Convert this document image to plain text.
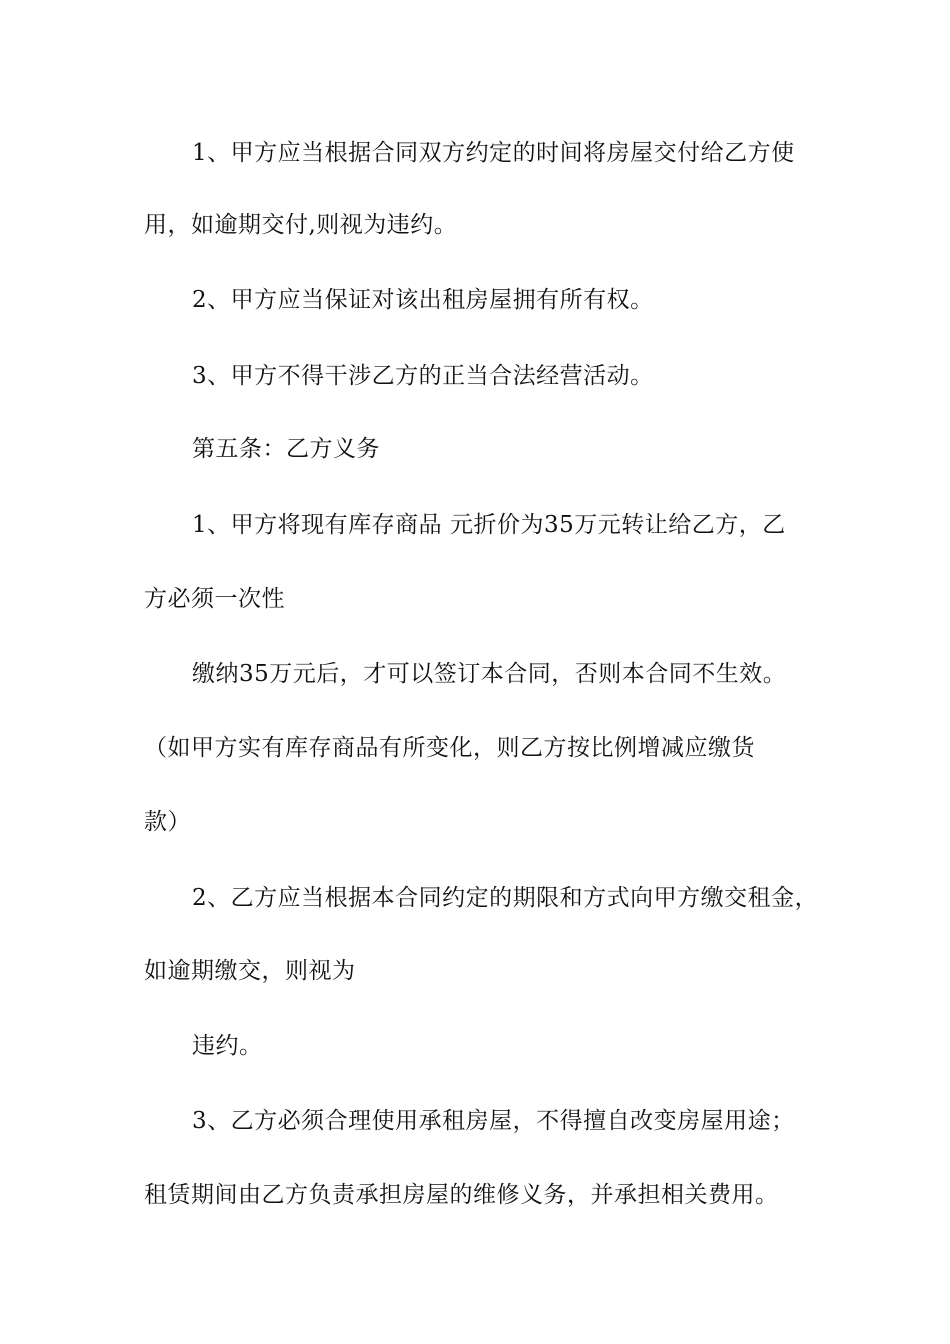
1、甲方应当根据合同双方约定的时间将房屋交付给乙方使
用，如逾期交付,则视为违约。
2、甲方应当保证对该出租房屋拥有所有权。
3、甲方不得干涉乙方的正当合法经营活动。
第五条：乙方义务
1、甲方将现有库存商品 元折价为35万元转让给乙方，乙
方必须一次性
缴纳35万元后，才可以签订本合同，否则本合同不生效。
（如甲方实有库存商品有所变化，则乙方按比例增减应缴货
款）
2、乙方应当根据本合同约定的期限和方式向甲方缴交租金，
如逾期缴交，则视为
违约。
3、乙方必须合理使用承租房屋，不得擅自改变房屋用途；
租赁期间由乙方负责承担房屋的维修义务，并承担相关费用。
